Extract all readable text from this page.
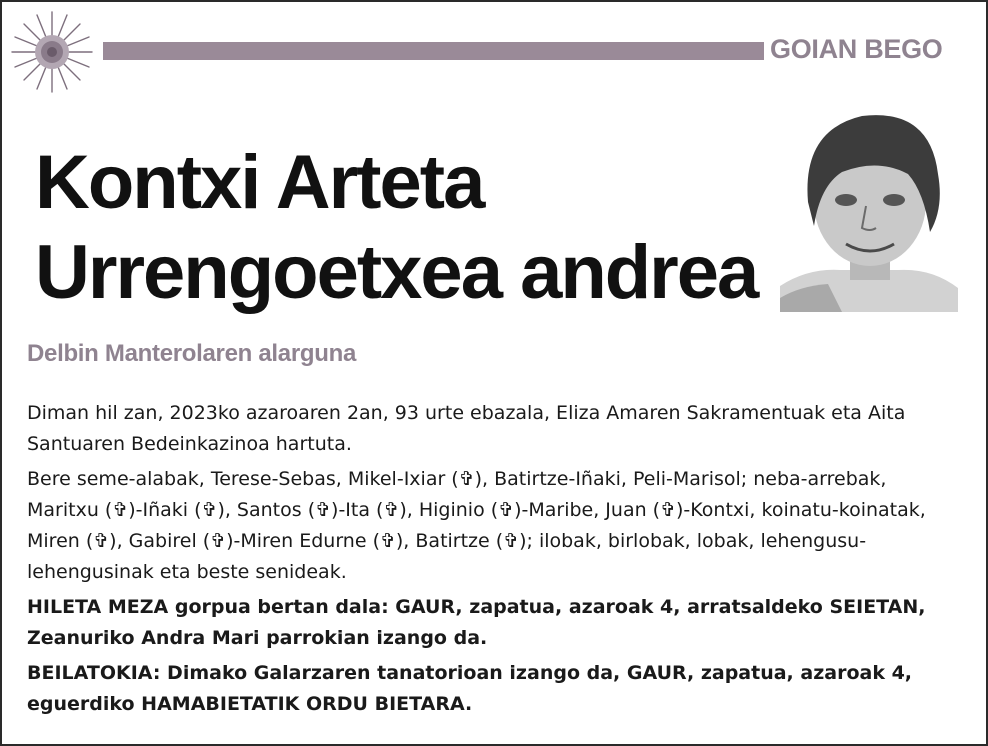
GOIAN BEGO
Kontxi Arteta
Urrengoetxea andrea
Delbin Manterolaren alarguna

Diman hil zan, 2023ko azaroaren 2an, 93 urte ebazala, Eliza Amaren Sakramentuak eta Aita Santuaren Bedeinkazinoa hartuta.

Bere seme-alabak, Terese-Sebas, Mikel-Ixiar (✞), Batirtze-Iñaki, Peli-Marisol; neba-arrebak, Maritxu (✞)-Iñaki (✞), Santos (✞)-Ita (✞), Higinio (✞)-Maribe, Juan (✞)-Kontxi, koinatu-koinatak, Miren (✞), Gabirel (✞)-Miren Edurne (✞), Batirtze (✞); ilobak, birlobak, lobak, lehengusu-lehengusinak eta beste senideak.

HILETA MEZA gorpua bertan dala: GAUR, zapatua, azaroak 4, arratsaldeko SEIETAN, Zeanuriko Andra Mari parrokian izango da.

BEILATOKIA: Dimako Galarzaren tanatorioan izango da, GAUR, zapatua, azaroak 4, eguerdiko HAMABIETATIK ORDU BIETARA.
